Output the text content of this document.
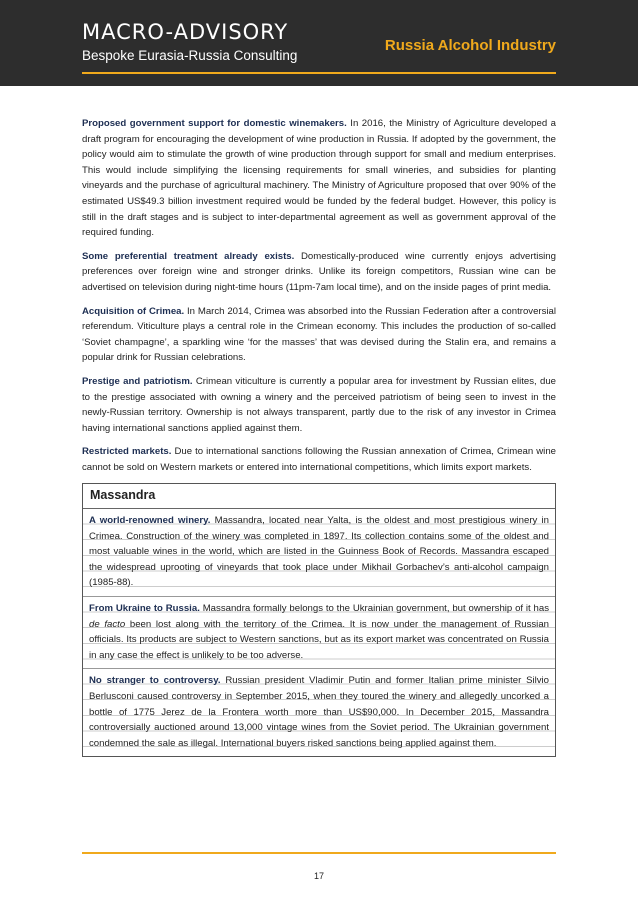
MACRO-ADVISORY
Bespoke Eurasia-Russia Consulting
Russia Alcohol Industry

Proposed government support for domestic winemakers. In 2016, the Ministry of Agriculture developed a draft program for encouraging the development of wine production in Russia. If adopted by the government, the policy would aim to stimulate the growth of wine production through support for small and medium enterprises. This would include simplifying the licensing requirements for small wineries, and subsidies for planting vineyards and the purchase of agricultural machinery. The Ministry of Agriculture proposed that over 90% of the estimated US$49.3 billion investment required would be funded by the federal budget. However, this policy is still in the draft stages and is subject to inter-departmental agreement as well as government approval of the required funding.

Some preferential treatment already exists. Domestically-produced wine currently enjoys advertising preferences over foreign wine and stronger drinks. Unlike its foreign competitors, Russian wine can be advertised on television during night-time hours (11pm-7am local time), and on the inside pages of print media.

Acquisition of Crimea. In March 2014, Crimea was absorbed into the Russian Federation after a controversial referendum. Viticulture plays a central role in the Crimean economy. This includes the production of so-called ‘Soviet champagne’, a sparkling wine ‘for the masses’ that was devised during the Stalin era, and remains a popular drink for Russian celebrations.

Prestige and patriotism. Crimean viticulture is currently a popular area for investment by Russian elites, due to the prestige associated with owning a winery and the perceived patriotism of being seen to invest in the newly-Russian territory. Ownership is not always transparent, partly due to the risk of any investor in Crimea having international sanctions applied against them.

Restricted markets. Due to international sanctions following the Russian annexation of Crimea, Crimean wine cannot be sold on Western markets or entered into international competitions, which limits export markets.

Massandra

A world-renowned winery. Massandra, located near Yalta, is the oldest and most prestigious winery in Crimea. Construction of the winery was completed in 1897. Its collection contains some of the oldest and most valuable wines in the world, which are listed in the Guinness Book of Records. Massandra escaped the widespread uprooting of vineyards that took place under Mikhail Gorbachev’s anti-alcohol campaign (1985-88).

From Ukraine to Russia. Massandra formally belongs to the Ukrainian government, but ownership of it has de facto been lost along with the territory of the Crimea. It is now under the management of Russian officials. Its products are subject to Western sanctions, but as its export market was concentrated on Russia in any case the effect is unlikely to be too adverse.

No stranger to controversy. Russian president Vladimir Putin and former Italian prime minister Silvio Berlusconi caused controversy in September 2015, when they toured the winery and allegedly uncorked a bottle of 1775 Jerez de la Frontera worth more than US$90,000. In December 2015, Massandra controversially auctioned around 13,000 vintage wines from the Soviet period. The Ukrainian government condemned the sale as illegal. International buyers risked sanctions being applied against them.

17
